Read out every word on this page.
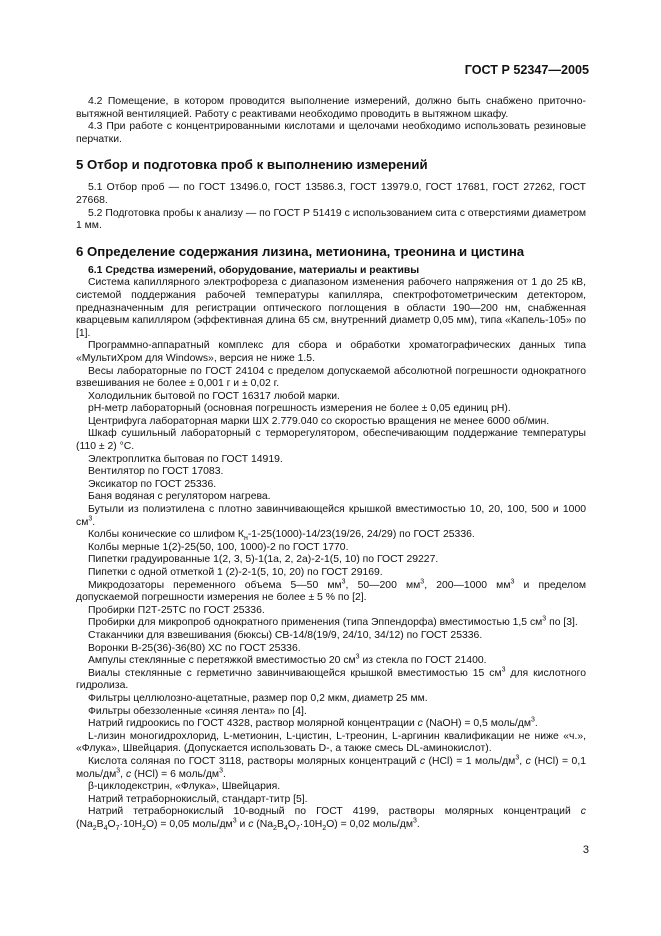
ГОСТ Р 52347—2005

4.2 Помещение, в котором проводится выполнение измерений, должно быть снабжено приточно-вытяжной вентиляцией. Работу с реактивами необходимо проводить в вытяжном шкафу.

4.3 При работе с концентрированными кислотами и щелочами необходимо использовать резиновые перчатки.

5 Отбор и подготовка проб к выполнению измерений

5.1 Отбор проб — по ГОСТ 13496.0, ГОСТ 13586.3, ГОСТ 13979.0, ГОСТ 17681, ГОСТ 27262, ГОСТ 27668.

5.2 Подготовка пробы к анализу — по ГОСТ Р 51419 с использованием сита с отверстиями диаметром 1 мм.

6 Определение содержания лизина, метионина, треонина и цистина

6.1 Средства измерений, оборудование, материалы и реактивы

Система капиллярного электрофореза с диапазоном изменения рабочего напряжения от 1 до 25 кВ, системой поддержания рабочей температуры капилляра, спектрофотометрическим детектором, предназначенным для регистрации оптического поглощения в области 190—200 нм, снабженная кварцевым капилляром (эффективная длина 65 см, внутренний диаметр 0,05 мм), типа «Капель-105» по [1].

Программно-аппаратный комплекс для сбора и обработки хроматографических данных типа «МультиХром для Windows», версия не ниже 1.5.

Весы лабораторные по ГОСТ 24104 с пределом допускаемой абсолютной погрешности однократного взвешивания не более ± 0,001 г и ± 0,02 г.

Холодильник бытовой по ГОСТ 16317 любой марки.

pH-метр лабораторный (основная погрешность измерения не более ± 0,05 единиц pH).

Центрифуга лабораторная марки ШХ 2.779.040 со скоростью вращения не менее 6000 об/мин.

Шкаф сушильный лабораторный с терморегулятором, обеспечивающим поддержание температуры (110 ± 2) °С.

Электроплитка бытовая по ГОСТ 14919.

Вентилятор по ГОСТ 17083.

Эксикатор по ГОСТ 25336.

Баня водяная с регулятором нагрева.

Бутыли из полиэтилена с плотно завинчивающейся крышкой вместимостью 10, 20, 100, 500 и 1000 $см^3$.

Колбы конические со шлифом $К_н-1-25(1000)-14/23(19/26$, 24/29) по ГОСТ 25336.

Колбы мерные 1(2)-25(50, 100, 1000)-2 по ГОСТ 1770.

Пипетки градуированные 1(2, 3, 5)-1(1а, 2, 2а)-2-1(5, 10) по ГОСТ 29227.

Пипетки с одной отметкой 1 (2)-2-1(5, 10, 20) по ГОСТ 29169.

Микродозаторы переменного объема 5—50 $мм^3$, 50—200 $мм^3$, 200—1000 $мм^3$ и пределом допускаемой погрешности измерения не более ± 5 % по [2].

Пробирки П2Т-25ТС по ГОСТ 25336.

Пробирки для микропроб однократного применения (типа Эппендорфа) вместимостью 1,5 $см^3$ по [3].

Стаканчики для взвешивания (бюксы) СВ-14/8(19/9, 24/10, 34/12) по ГОСТ 25336.

Воронки В-25(36)-36(80) ХС по ГОСТ 25336.

Ампулы стеклянные с перетяжкой вместимостью 20 $см^3$ из стекла по ГОСТ 21400.

Виалы стеклянные с герметично завинчивающейся крышкой вместимостью 15 $см^3$ для кислотного гидролиза.

Фильтры целлюлозно-ацетатные, размер пор 0,2 мкм, диаметр 25 мм.

Фильтры обеззоленные «синяя лента» по [4].

Натрий гидроокись по ГОСТ 4328, раствор молярной концентрации c (NaOH) = 0,5 моль/$дм^3$.

L-лизин моногидрохлорид, L-метионин, L-цистин, L-треонин, L-аргинин квалификации не ниже «ч.», «Флука», Швейцария. (Допускается использовать D-, а также смесь DL-аминокислот).

Кислота соляная по ГОСТ 3118, растворы молярных концентраций c (HCl) = 1 моль/$дм^3$, c (HCl) = 0,1 моль/$дм^3$, c (HCl) = 6 моль/$дм^3$.

β-циклодекстрин, «Флука», Швейцария.

Натрий тетраборнокислый, стандарт-титр [5].

Натрий тетраборнокислый 10-водный по ГОСТ 4199, растворы молярных концентраций c $(Na_2B_4O_7\cdot 10H_2O) = 0,05$ моль/$дм^3$ и c $(Na_2B_4O_7\cdot 10H_2O) = 0,02$ моль/$дм^3$.

3
